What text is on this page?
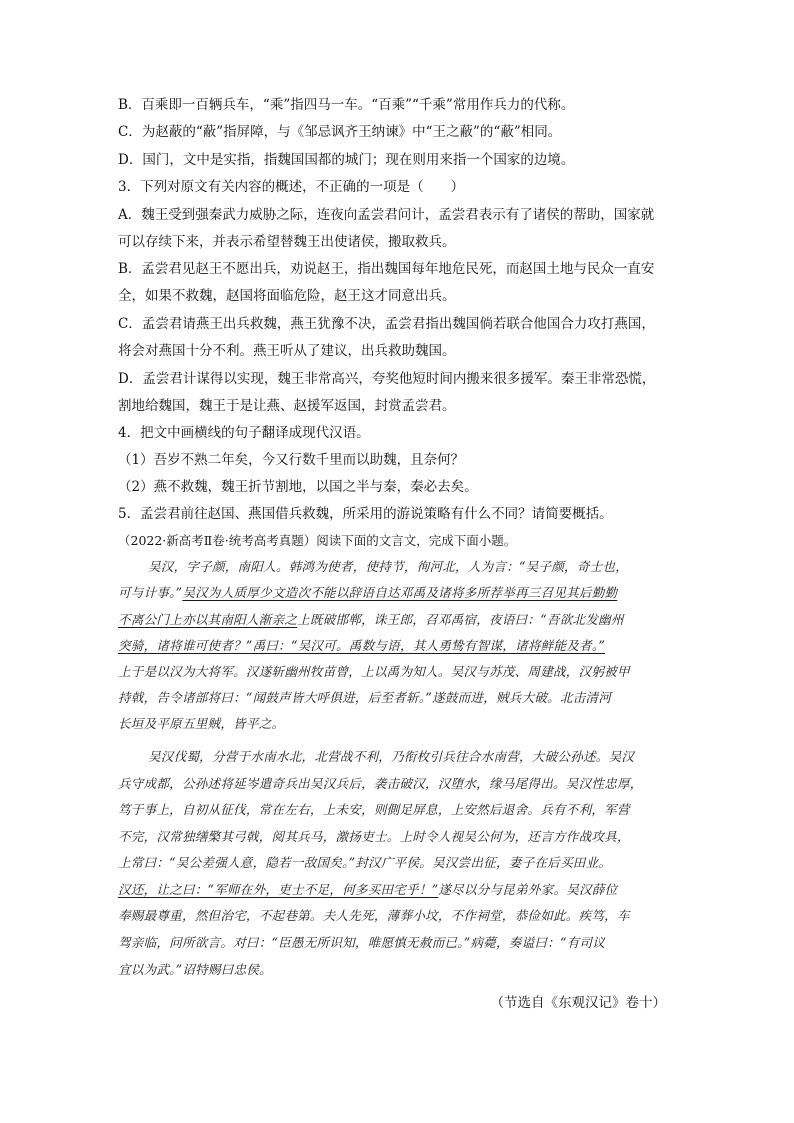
B．百乘即一百辆兵车，“乘”指四马一车。“百乘”“千乘”常用作兵力的代称。
C．为赵蔽的“蔽”指屏障，与《邹忌讽齐王纳谏》中“王之蔽”的“蔽”相同。
D．国门，文中是实指，指魏国国都的城门；现在则用来指一个国家的边境。
3．下列对原文有关内容的概述，不正确的一项是（　　）
A．魏王受到强秦武力威胁之际，连夜向孟尝君问计，孟尝君表示有了诸侯的帮助，国家就
可以存续下来，并表示希望替魏王出使诸侯，搬取救兵。
B．孟尝君见赵王不愿出兵，劝说赵王，指出魏国每年地危民死，而赵国土地与民众一直安
全，如果不救魏，赵国将面临危险，赵王这才同意出兵。
C．孟尝君请燕王出兵救魏，燕王犹豫不决，孟尝君指出魏国倘若联合他国合力攻打燕国，
将会对燕国十分不利。燕王听从了建议，出兵救助魏国。
D．孟尝君计谋得以实现，魏王非常高兴，夸奖他短时间内搬来很多援军。秦王非常恐慌，
割地给魏国，魏王于是让燕、赵援军返国，封赏孟尝君。
4．把文中画横线的句子翻译成现代汉语。
（1）吾岁不熟二年矣，今又行数千里而以助魏，且奈何？
（2）燕不救魏，魏王折节割地，以国之半与秦，秦必去矣。
5．孟尝君前往赵国、燕国借兵救魏，所采用的游说策略有什么不同？请简要概括。
（2022·新高考Ⅱ卷·统考高考真题）阅读下面的文言文，完成下面小题。
吴汉，字子颜，南阳人。韩鸿为使者，使持节，徇河北，人为言：“吴子颜，奇士也，
可与计事。”吴汉为人质厚少文造次不能以辞语自达邓禹及诸将多所荐举再三召见其后勤勤
不离公门上亦以其南阳人渐亲之上既破邯郸，诛王郎，召邓禹宿，夜语曰：“吾欲北发幽州
突骑，诸将谁可使者？”禹曰：“吴汉可。禹数与语，其人勇鸷有智谋，诸将鲜能及者。”
上于是以汉为大将军。汉遂斩幽州牧苗曾，上以禹为知人。吴汉与苏茂、周建战，汉躬被甲
持戟，告令诸部将曰：“闻鼓声皆大呼俱进，后至者斩。”遂鼓而进，贼兵大破。北击清河
长垣及平原五里贼，皆平之。
吴汉伐蜀，分营于水南水北，北营战不利，乃衔枚引兵往合水南营，大破公孙述。吴汉
兵守成都，公孙述将延岑遣奇兵出吴汉兵后，袭击破汉，汉堕水，缘马尾得出。吴汉性忠厚，
笃于事上，自初从征伐，常在左右，上未安，则側足屏息，上安然后退舍。兵有不利，军营
不完，汉常独缮檠其弓戟，阅其兵马，激扬吏士。上时令人视吴公何为，还言方作战攻具，
上常曰：“吴公差强人意，隐若一敌国矣。”封汉广平侯。吴汉尝出征，妻子在后买田业。
汉还，让之曰：“军师在外，吏士不足，何多买田宅乎！”遂尽以分与昆弟外家。吴汉薛位
奉赐最尊重，然但治宅，不起巷第。夫人先死，薄葬小坟，不作祠堂，恭俭如此。疾笃，车
驾亲临，问所欲言。对曰：“臣愚无所识知，唯愿慎无赦而已。”病薨，奏谥曰：“有司议
宜以为武。”诏特赐曰忠侯。
（节选自《东观汉记》卷十）
